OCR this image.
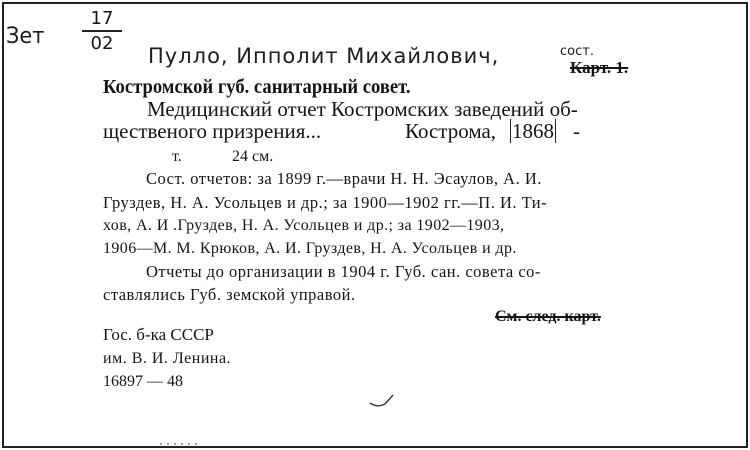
$\frac{17}{02}$
Зет
Пулло, Ипполит Михайлович,	сост.
Карт. 1.
Костромской губ. санитарный совет.
Медицинский отчет Костромских заведений об-
щественого призрения...	Кострома, 1868 -
т.	24 см.
Сост. отчетов: за 1899 г.—врачи Н. Н. Эсаулов, А. И.
Груздев, Н. А. Усольцев и др.; за 1900—1902 гг.—П. И. Ти-
хов, А. И .Груздев, Н. А. Усольцев и др.; за 1902—1903,
1906—М. М. Крюков, А. И. Груздев, Н. А. Усольцев и др.
Отчеты до организации в 1904 г. Губ. сан. совета со-
ставлялись Губ. земской управой.
См. след. карт.
Гос. б-ка СССР
им. В. И. Ленина.
16897 — 48
